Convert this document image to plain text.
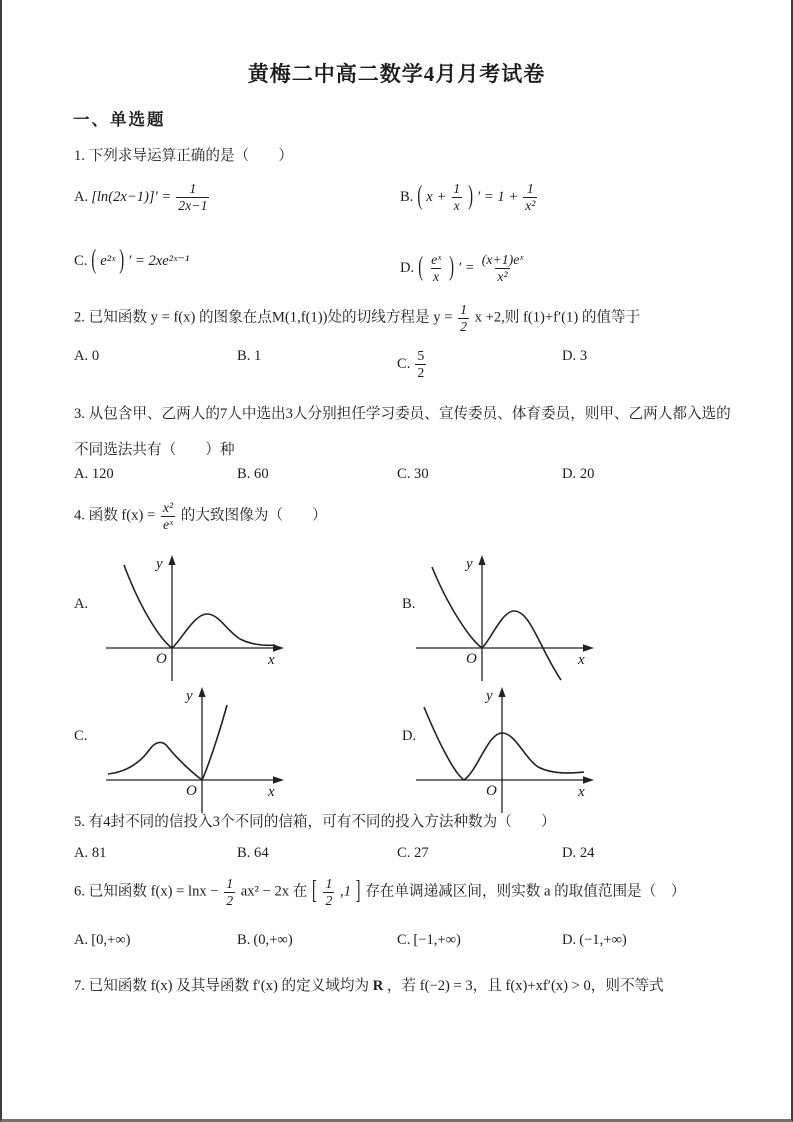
黄梅二中高二数学4月月考试卷
一、单选题
1. 下列求导运算正确的是（　　）
A. $[\ln(2x-1)]' = \frac{1}{2x-1}$	B. ( $x + \frac{1}{x}$ ) ′ = $1 + \frac{1}{\text{x²}}$
C. ( e²ˣ ) ′ = 2xe²ˣ⁻¹	D. ( $\frac{\text{eˣ}}{x}$ ) ′ = $\frac{\text{(x+1)eˣ}}{\text{x²}}$
2. 已知函数 y = f(x) 的图象在点M(1,f(1))处的切线方程是 $y = \frac{1}{2}$ x +2,则 f(1)+f′(1) 的值等于
A. 0	B. 1	C. $\frac{5}{2}$	D. 3
3. 从包含甲、乙两人的7人中选出3人分别担任学习委员、宣传委员、体育委员，则甲、乙两人都入选的
不同选法共有（　　）种
A. 120	B. 60	C. 30	D. 20
4. 函数 $f(x) = \frac{\text{x²}}{\text{eˣ}}$ 的大致图像为（　　）
A.
y
x
O
B.
y
x
O
C.
y
x
O
D.
y
x
O
5. 有4封不同的信投入3个不同的信箱，可有不同的投入方法种数为（　　）
A. 81	B. 64	C. 27	D. 24
6. 已知函数 $f(x) = \ln x - \frac{1}{2} ax^2 - 2x$ 在 [ $\frac{1}{2} ,1$ ] 存在单调递减区间，则实数 a 的取值范围是（　）
A. [0,+∞)	B. (0,+∞)	C. [−1,+∞)	D. (−1,+∞)
7. 已知函数 f(x) 及其导函数 f′(x) 的定义域均为 R ，若 f(−2) = 3，且 f(x)+xf′(x) > 0，则不等式
